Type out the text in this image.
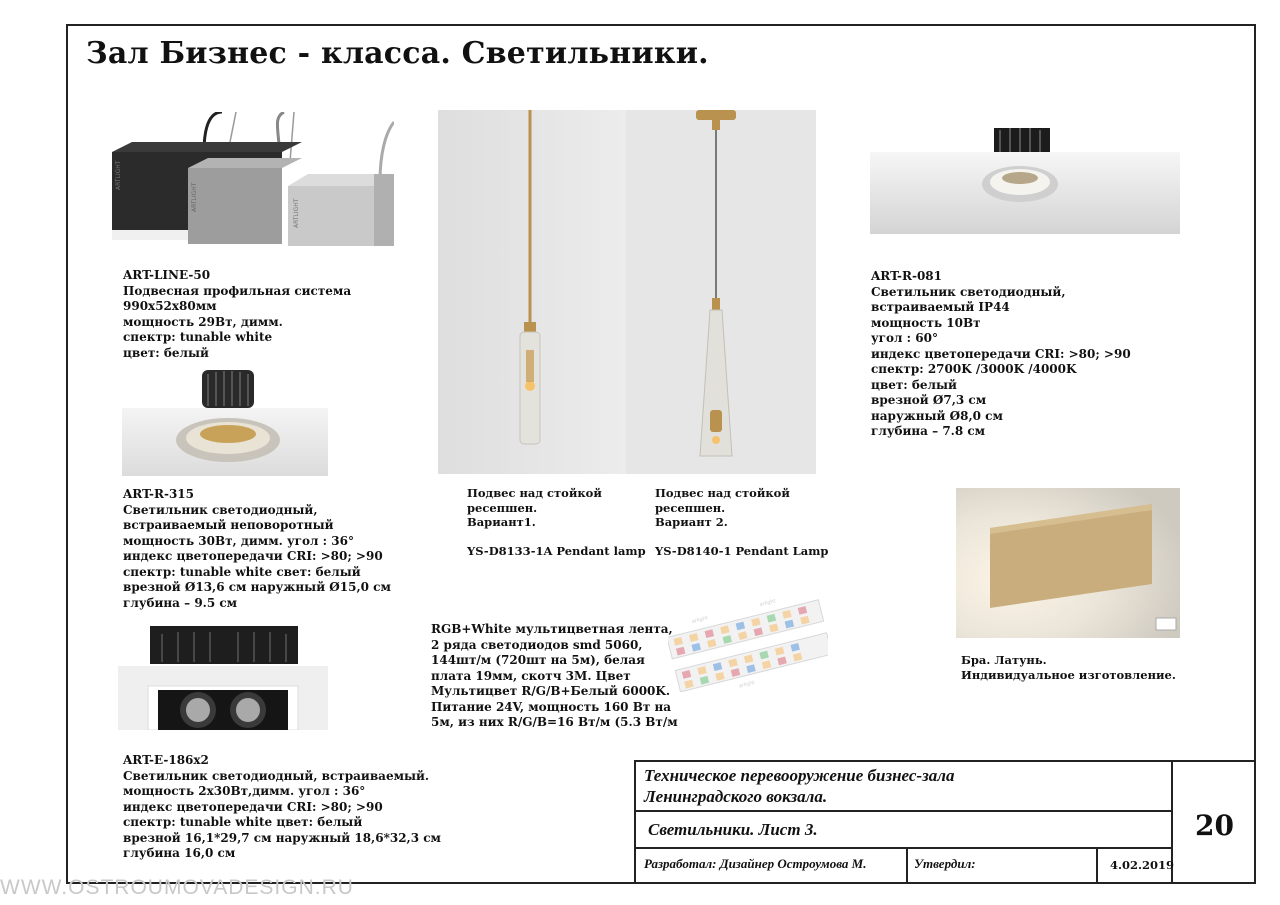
Зал Бизнес - класса. Светильники.
ARTLIGHT
ARTLIGHT
ARTLIGHT
ART-LINE-50
Подвесная профильная система
990x52x80мм
мощность 29Вт, димм.
спектр: tunable white
цвет: белый
ART-R-315
Светильник светодиодный,
встраиваемый неповоротный
мощность 30Вт, димм. угол : 36°
индекс цветопередачи CRI: >80; >90
спектр: tunable white свет: белый
врезной Ø13,6 см наружный Ø15,0 см
глубина – 9.5 см
ART-E-186x2
Светильник светодиодный, встраиваемый.
мощность 2x30Вт,димм. угол : 36°
индекс цветопередачи CRI: >80; >90
спектр: tunable white цвет: белый
врезной 16,1*29,7 см наружный 18,6*32,3 см
глубина 16,0 см
Подвес над стойкой
ресепшен.
Вариант1.

YS-D8133-1A Pendant lamp
Подвес над стойкой
ресепшен.
Вариант 2.

YS-D8140-1 Pendant Lamp
ART-R-081
Светильник светодиодный,
встраиваемый IP44
мощность 10Вт
угол : 60°
индекс цветопередачи CRI: >80; >90
спектр: 2700K /3000K /4000K
цвет: белый
врезной Ø7,3 см
наружный Ø8,0 см
глубина – 7.8 см
Бра. Латунь.
Индивидуальное изготовление.
arlight
arlight
arlight
RGB+White мультицветная лента,
2 ряда светодиодов smd 5060,
144шт/м (720шт на 5м), белая
плата 19мм, скотч 3M. Цвет
Мультицвет R/G/B+Белый 6000K.
Питание 24V, мощность 160 Вт на
5м, из них R/G/B=16 Вт/м (5.3 Вт/м
Техническое перевооружение бизнес-зала
Ленинградского вокзала.
Светильники. Лист 3.
Разработал: Дизайнер Остроумова М.	Утвердил:	4.02.2019
20
WWW.OSTROUMOVADESIGN.RU
